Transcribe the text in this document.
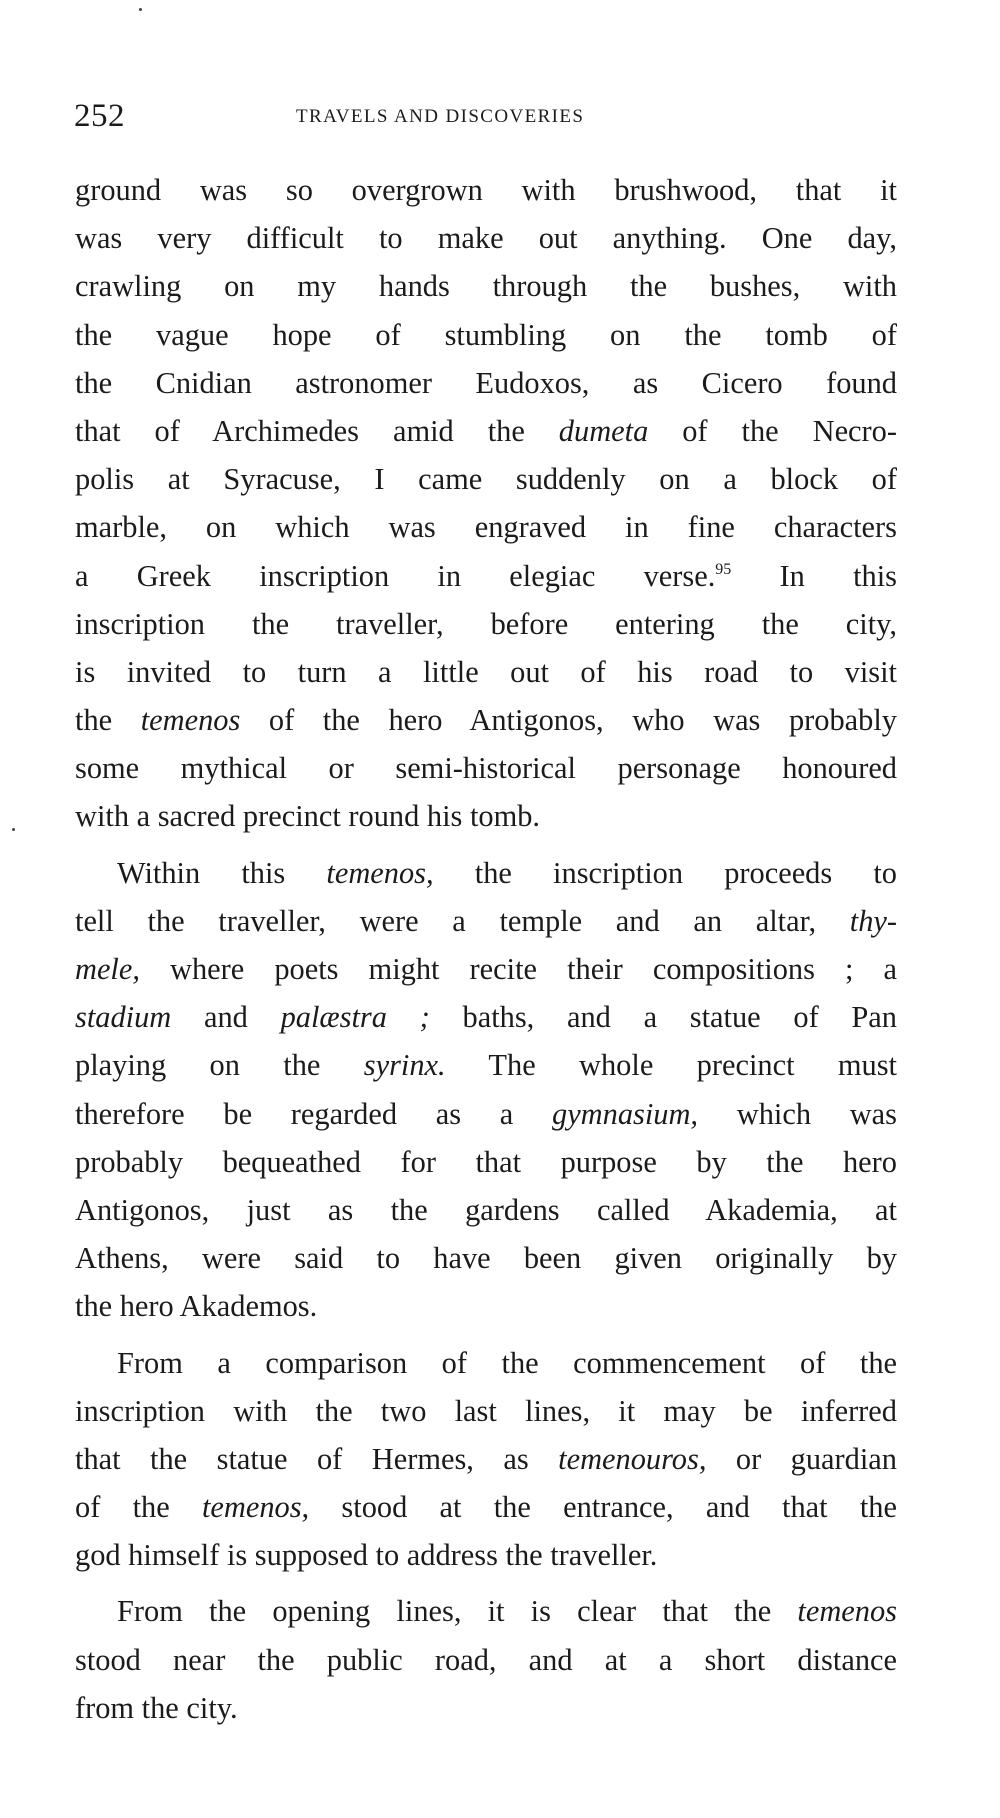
252	TRAVELS AND DISCOVERIES
ground was so overgrown with brushwood, that it
was very difficult to make out anything. One day,
crawling on my hands through the bushes, with
the vague hope of stumbling on the tomb of
the Cnidian astronomer Eudoxos, as Cicero found
that of Archimedes amid the dumeta of the Necro-
polis at Syracuse, I came suddenly on a block of
marble, on which was engraved in fine characters
a Greek inscription in elegiac verse.$^{95}$ In this
inscription the traveller, before entering the city,
is invited to turn a little out of his road to visit
the temenos of the hero Antigonos, who was probably
some mythical or semi-historical personage honoured
with a sacred precinct round his tomb.
Within this temenos, the inscription proceeds to
tell the traveller, were a temple and an altar, thy-
mele, where poets might recite their compositions ; a
stadium and palæstra ; baths, and a statue of Pan
playing on the syrinx. The whole precinct must
therefore be regarded as a gymnasium, which was
probably bequeathed for that purpose by the hero
Antigonos, just as the gardens called Akademia, at
Athens, were said to have been given originally by
the hero Akademos.
From a comparison of the commencement of the
inscription with the two last lines, it may be inferred
that the statue of Hermes, as temenouros, or guardian
of the temenos, stood at the entrance, and that the
god himself is supposed to address the traveller.
From the opening lines, it is clear that the temenos
stood near the public road, and at a short distance
from the city.
